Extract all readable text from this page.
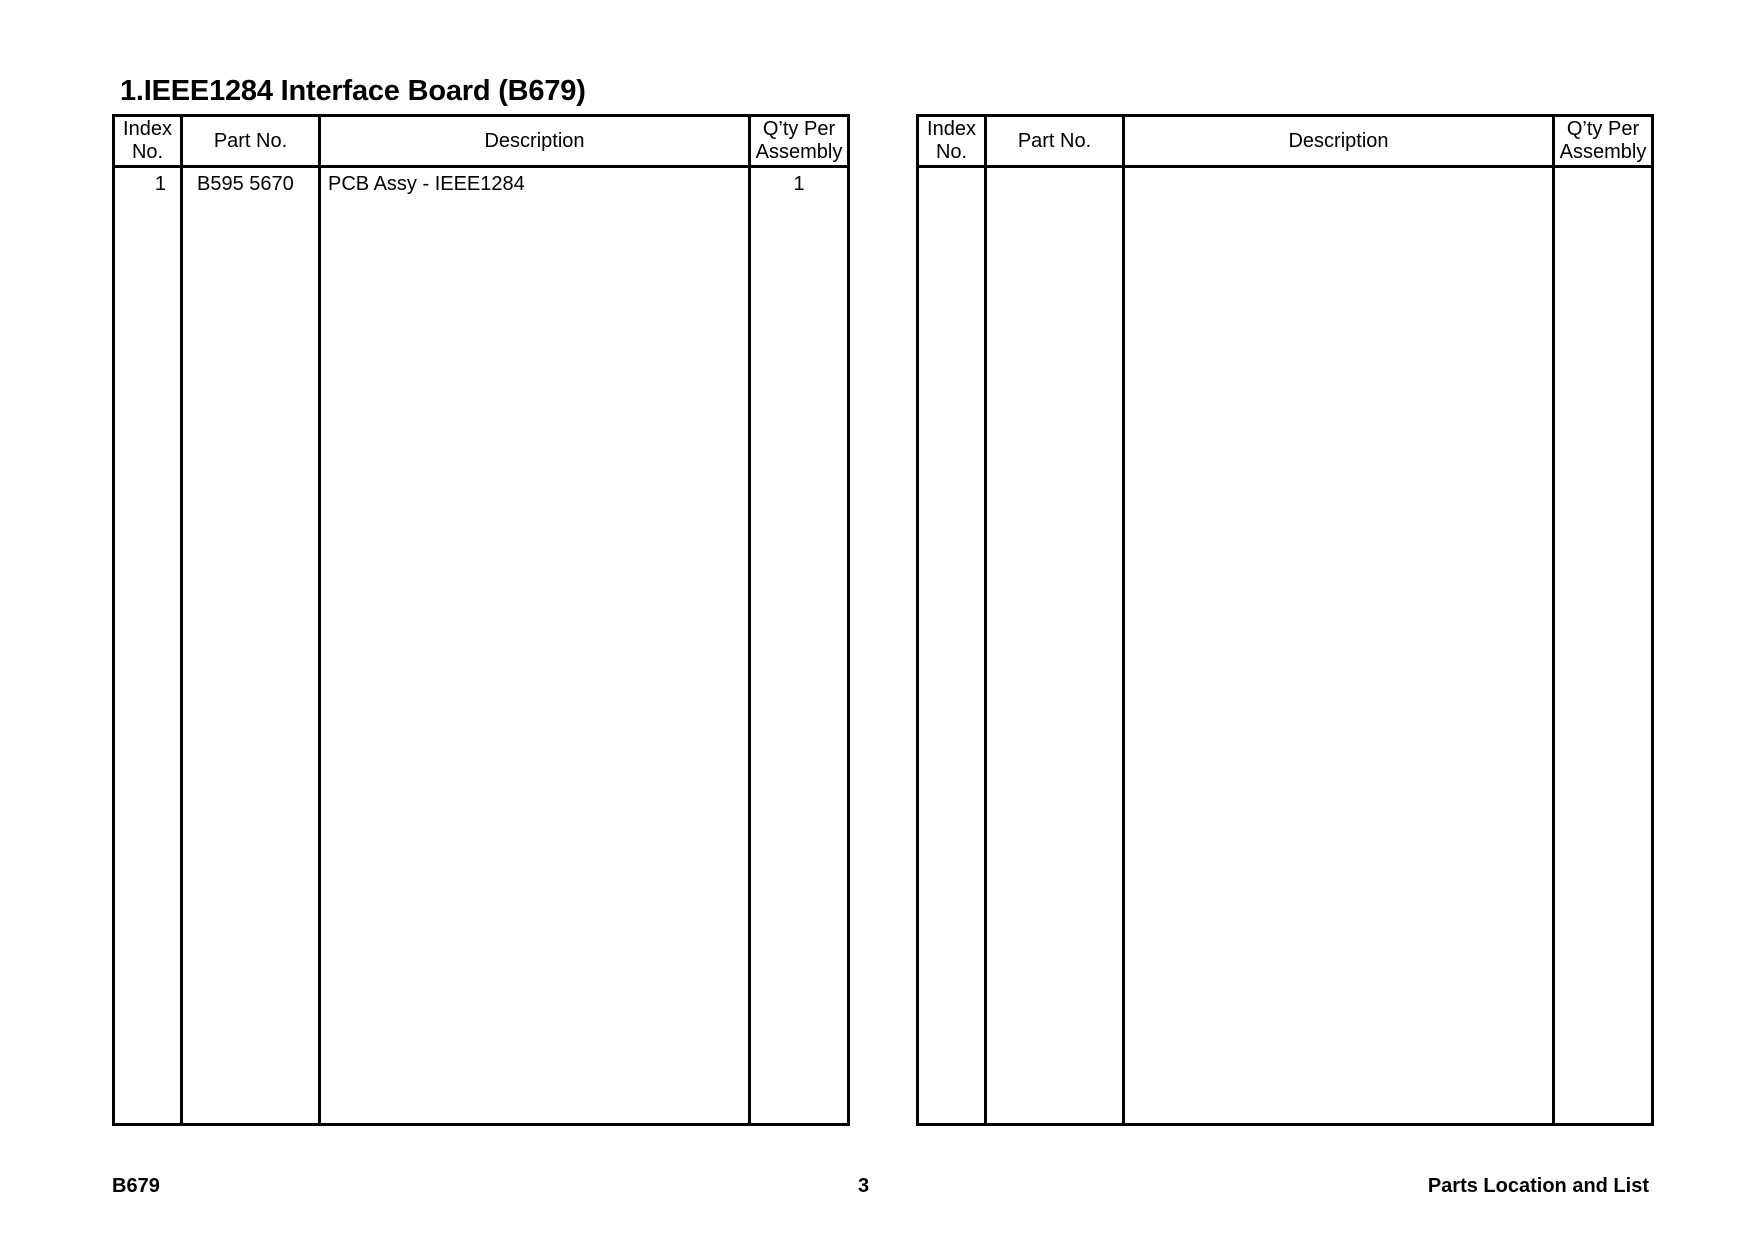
1.IEEE1284 Interface Board (B679)
Index
No.	Part No.	Description	Q’ty Per
Assembly

1	B595 5670	PCB Assy - IEEE1284	1

Index
No.	Part No.	Description	Q’ty Per
Assembly

B679	3	Parts Location and List
